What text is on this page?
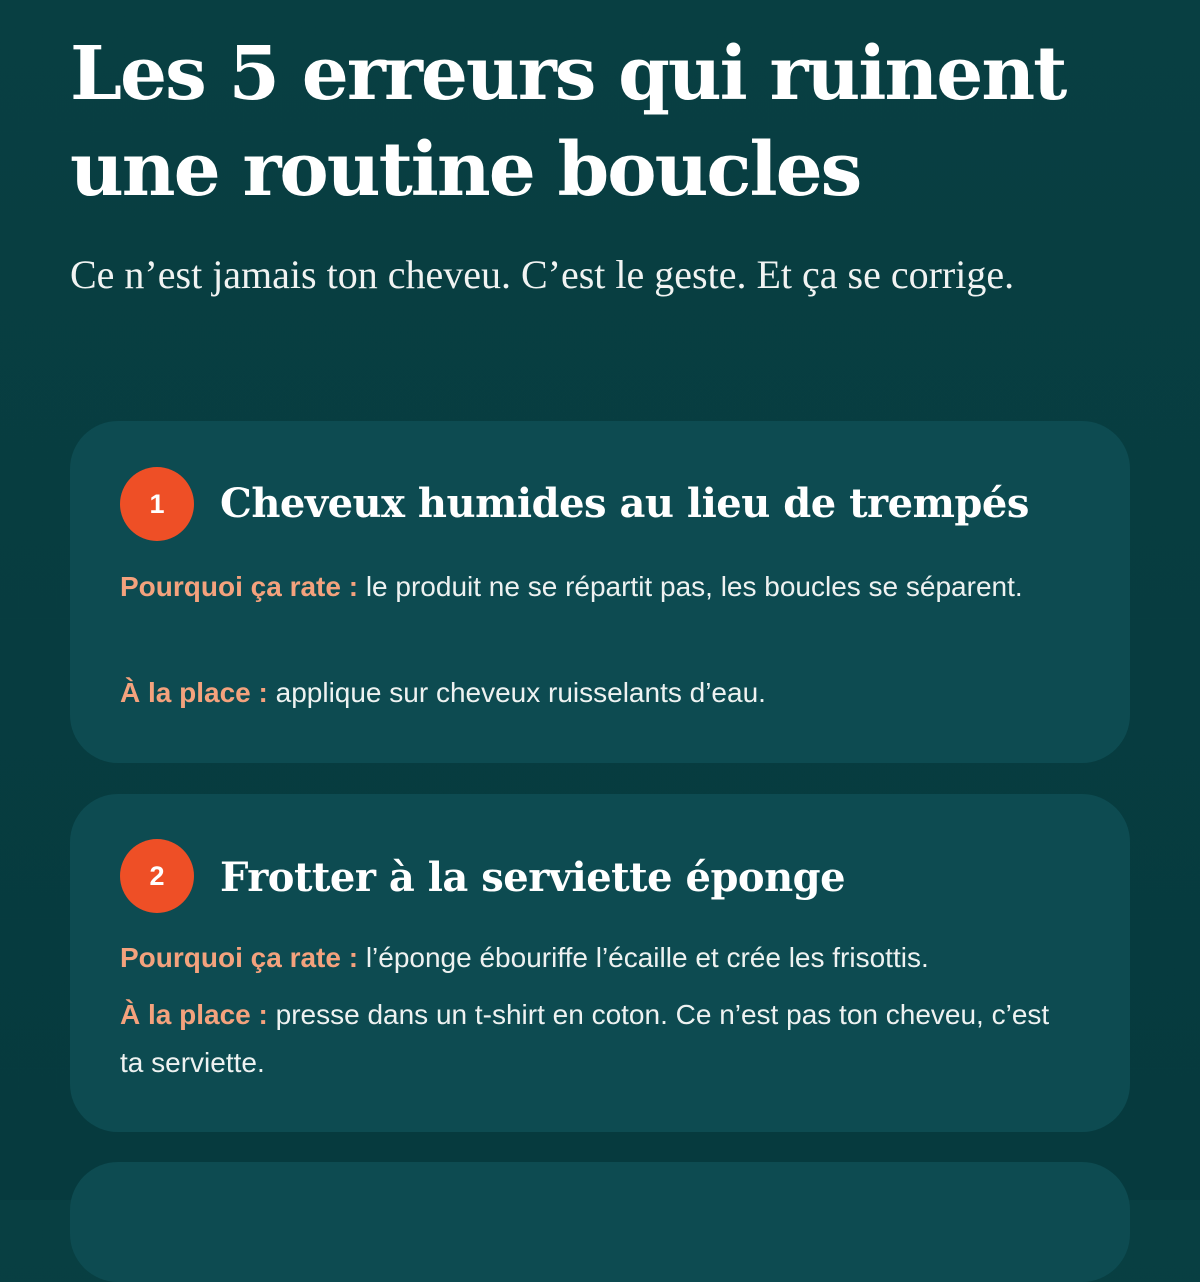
Les 5 erreurs qui ruinent une routine boucles

Ce n’est jamais ton cheveu. C’est le geste. Et ça se corrige.

1	Cheveux humides au lieu de trempés

Pourquoi ça rate : le produit ne se répartit pas, les boucles se séparent.

À la place : applique sur cheveux ruisselants d’eau.

2	Frotter à la serviette éponge

Pourquoi ça rate : l’éponge ébouriffe l’écaille et crée les frisottis.

À la place : presse dans un t-shirt en coton. Ce n’est pas ton cheveu, c’est ta serviette.
